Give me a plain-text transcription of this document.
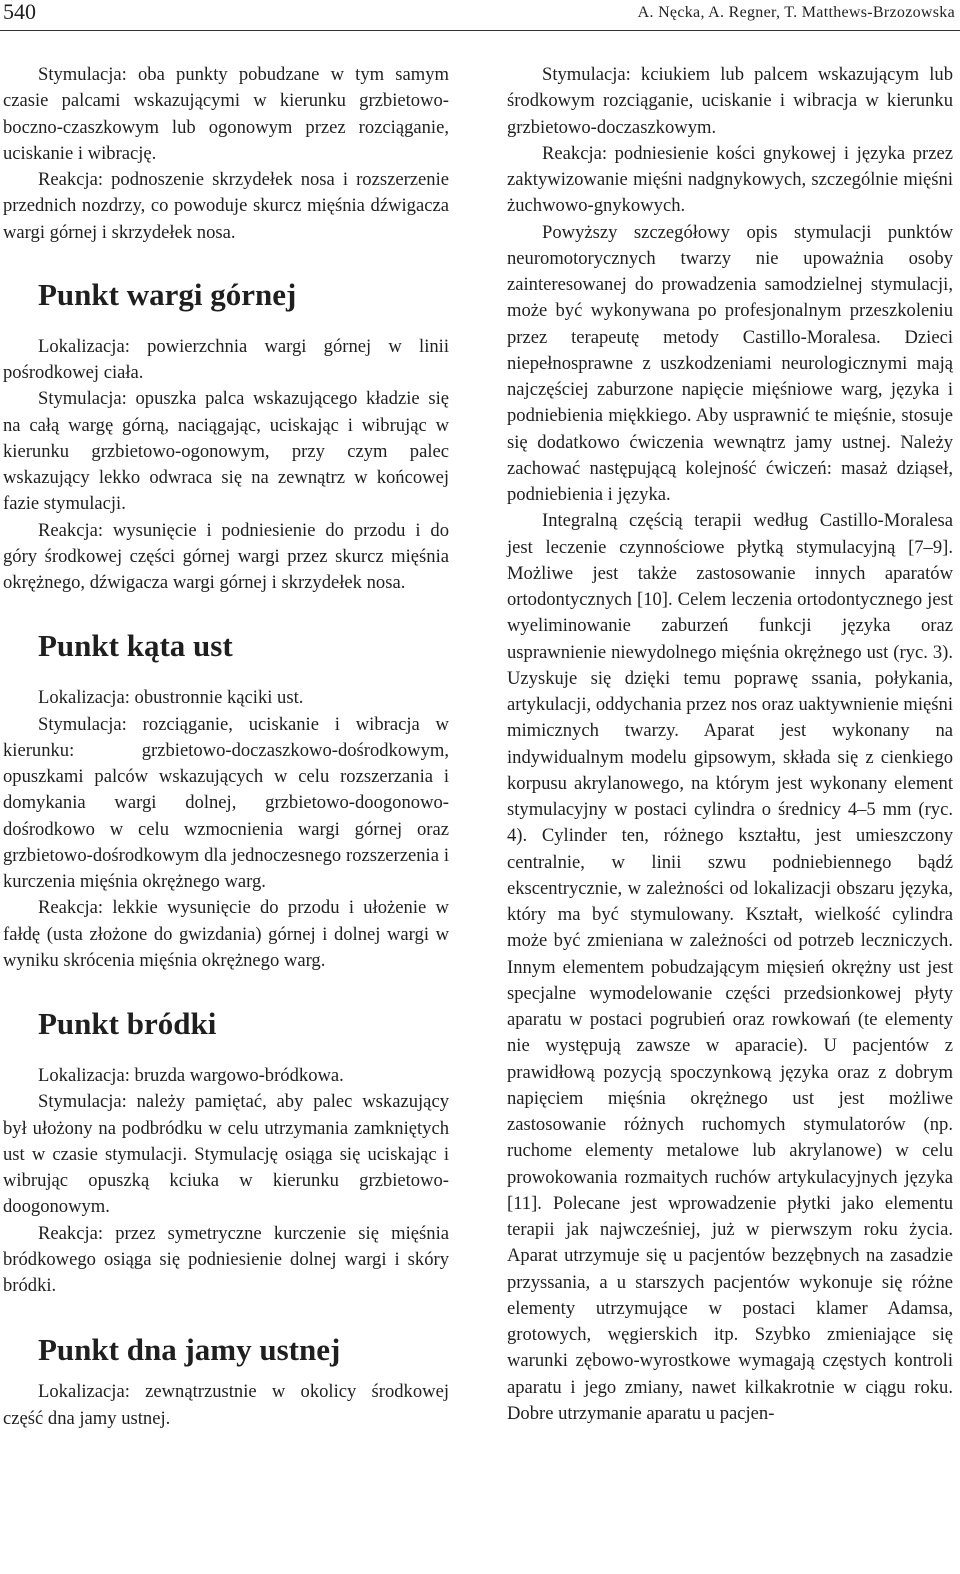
540	A. Nęcka, A. Regner, T. Matthews-Brzozowska

Stymulacja: oba punkty pobudzane w tym samym czasie palcami wskazującymi w kierunku grzbietowo-boczno-czaszkowym lub ogonowym przez rozciąganie, uciskanie i wibrację.

Reakcja: podnoszenie skrzydełek nosa i rozszerzenie przednich nozdrzy, co powoduje skurcz mięśnia dźwigacza wargi górnej i skrzydełek nosa.

Punkt wargi górnej

Lokalizacja: powierzchnia wargi górnej w linii pośrodkowej ciała.

Stymulacja: opuszka palca wskazującego kładzie się na całą wargę górną, naciągając, uciskając i wibrując w kierunku grzbietowo-ogonowym, przy czym palec wskazujący lekko odwraca się na zewnątrz w końcowej fazie stymulacji.

Reakcja: wysunięcie i podniesienie do przodu i do góry środkowej części górnej wargi przez skurcz mięśnia okrężnego, dźwigacza wargi górnej i skrzydełek nosa.

Punkt kąta ust

Lokalizacja: obustronnie kąciki ust.

Stymulacja: rozciąganie, uciskanie i wibracja w kierunku: grzbietowo-doczaszkowo-dośrodkowym, opuszkami palców wskazujących w celu rozszerzania i domykania wargi dolnej, grzbietowo-doogonowo-dośrodkowo w celu wzmocnienia wargi górnej oraz grzbietowo-dośrodkowym dla jednoczesnego rozszerzenia i kurczenia mięśnia okrężnego warg.

Reakcja: lekkie wysunięcie do przodu i ułożenie w fałdę (usta złożone do gwizdania) górnej i dolnej wargi w wyniku skrócenia mięśnia okrężnego warg.

Punkt bródki

Lokalizacja: bruzda wargowo-bródkowa.

Stymulacja: należy pamiętać, aby palec wskazujący był ułożony na podbródku w celu utrzymania zamkniętych ust w czasie stymulacji. Stymulację osiąga się uciskając i wibrując opuszką kciuka w kierunku grzbietowo-doogonowym.

Reakcja: przez symetryczne kurczenie się mięśnia bródkowego osiąga się podniesienie dolnej wargi i skóry bródki.

Punkt dna jamy ustnej

Lokalizacja: zewnątrzustnie w okolicy środkowej część dna jamy ustnej.

Stymulacja: kciukiem lub palcem wskazującym lub środkowym rozciąganie, uciskanie i wibracja w kierunku grzbietowo-doczaszkowym.

Reakcja: podniesienie kości gnykowej i języka przez zaktywizowanie mięśni nadgnykowych, szczególnie mięśni żuchwowo-gnykowych.

Powyższy szczegółowy opis stymulacji punktów neuromotorycznych twarzy nie upoważnia osoby zainteresowanej do prowadzenia samodzielnej stymulacji, może być wykonywana po profesjonalnym przeszkoleniu przez terapeutę metody Castillo-Moralesa. Dzieci niepełnosprawne z uszkodzeniami neurologicznymi mają najczęściej zaburzone napięcie mięśniowe warg, języka i podniebienia miękkiego. Aby usprawnić te mięśnie, stosuje się dodatkowo ćwiczenia wewnątrz jamy ustnej. Należy zachować następującą kolejność ćwiczeń: masaż dziąseł, podniebienia i języka.

Integralną częścią terapii według Castillo-Moralesa jest leczenie czynnościowe płytką stymulacyjną [7–9]. Możliwe jest także zastosowanie innych aparatów ortodontycznych [10]. Celem leczenia ortodontycznego jest wyeliminowanie zaburzeń funkcji języka oraz usprawnienie niewydolnego mięśnia okrężnego ust (ryc. 3). Uzyskuje się dzięki temu poprawę ssania, połykania, artykulacji, oddychania przez nos oraz uaktywnienie mięśni mimicznych twarzy. Aparat jest wykonany na indywidualnym modelu gipsowym, składa się z cienkiego korpusu akrylanowego, na którym jest wykonany element stymulacyjny w postaci cylindra o średnicy 4–5 mm (ryc. 4). Cylinder ten, różnego kształtu, jest umieszczony centralnie, w linii szwu podniebiennego bądź ekscentrycznie, w zależności od lokalizacji obszaru języka, który ma być stymulowany. Kształt, wielkość cylindra może być zmieniana w zależności od potrzeb leczniczych. Innym elementem pobudzającym mięsień okrężny ust jest specjalne wymodelowanie części przedsionkowej płyty aparatu w postaci pogrubień oraz rowkowań (te elementy nie występują zawsze w aparacie). U pacjentów z prawidłową pozycją spoczynkową języka oraz z dobrym napięciem mięśnia okrężnego ust jest możliwe zastosowanie różnych ruchomych stymulatorów (np. ruchome elementy metalowe lub akrylanowe) w celu prowokowania rozmaitych ruchów artykulacyjnych języka [11]. Polecane jest wprowadzenie płytki jako elementu terapii jak najwcześniej, już w pierwszym roku życia. Aparat utrzymuje się u pacjentów bezzębnych na zasadzie przyssania, a u starszych pacjentów wykonuje się różne elementy utrzymujące w postaci klamer Adamsa, grotowych, węgierskich itp. Szybko zmieniające się warunki zębowo-wyrostkowe wymagają częstych kontroli aparatu i jego zmiany, nawet kilkakrotnie w ciągu roku. Dobre utrzymanie aparatu u pacjen-
